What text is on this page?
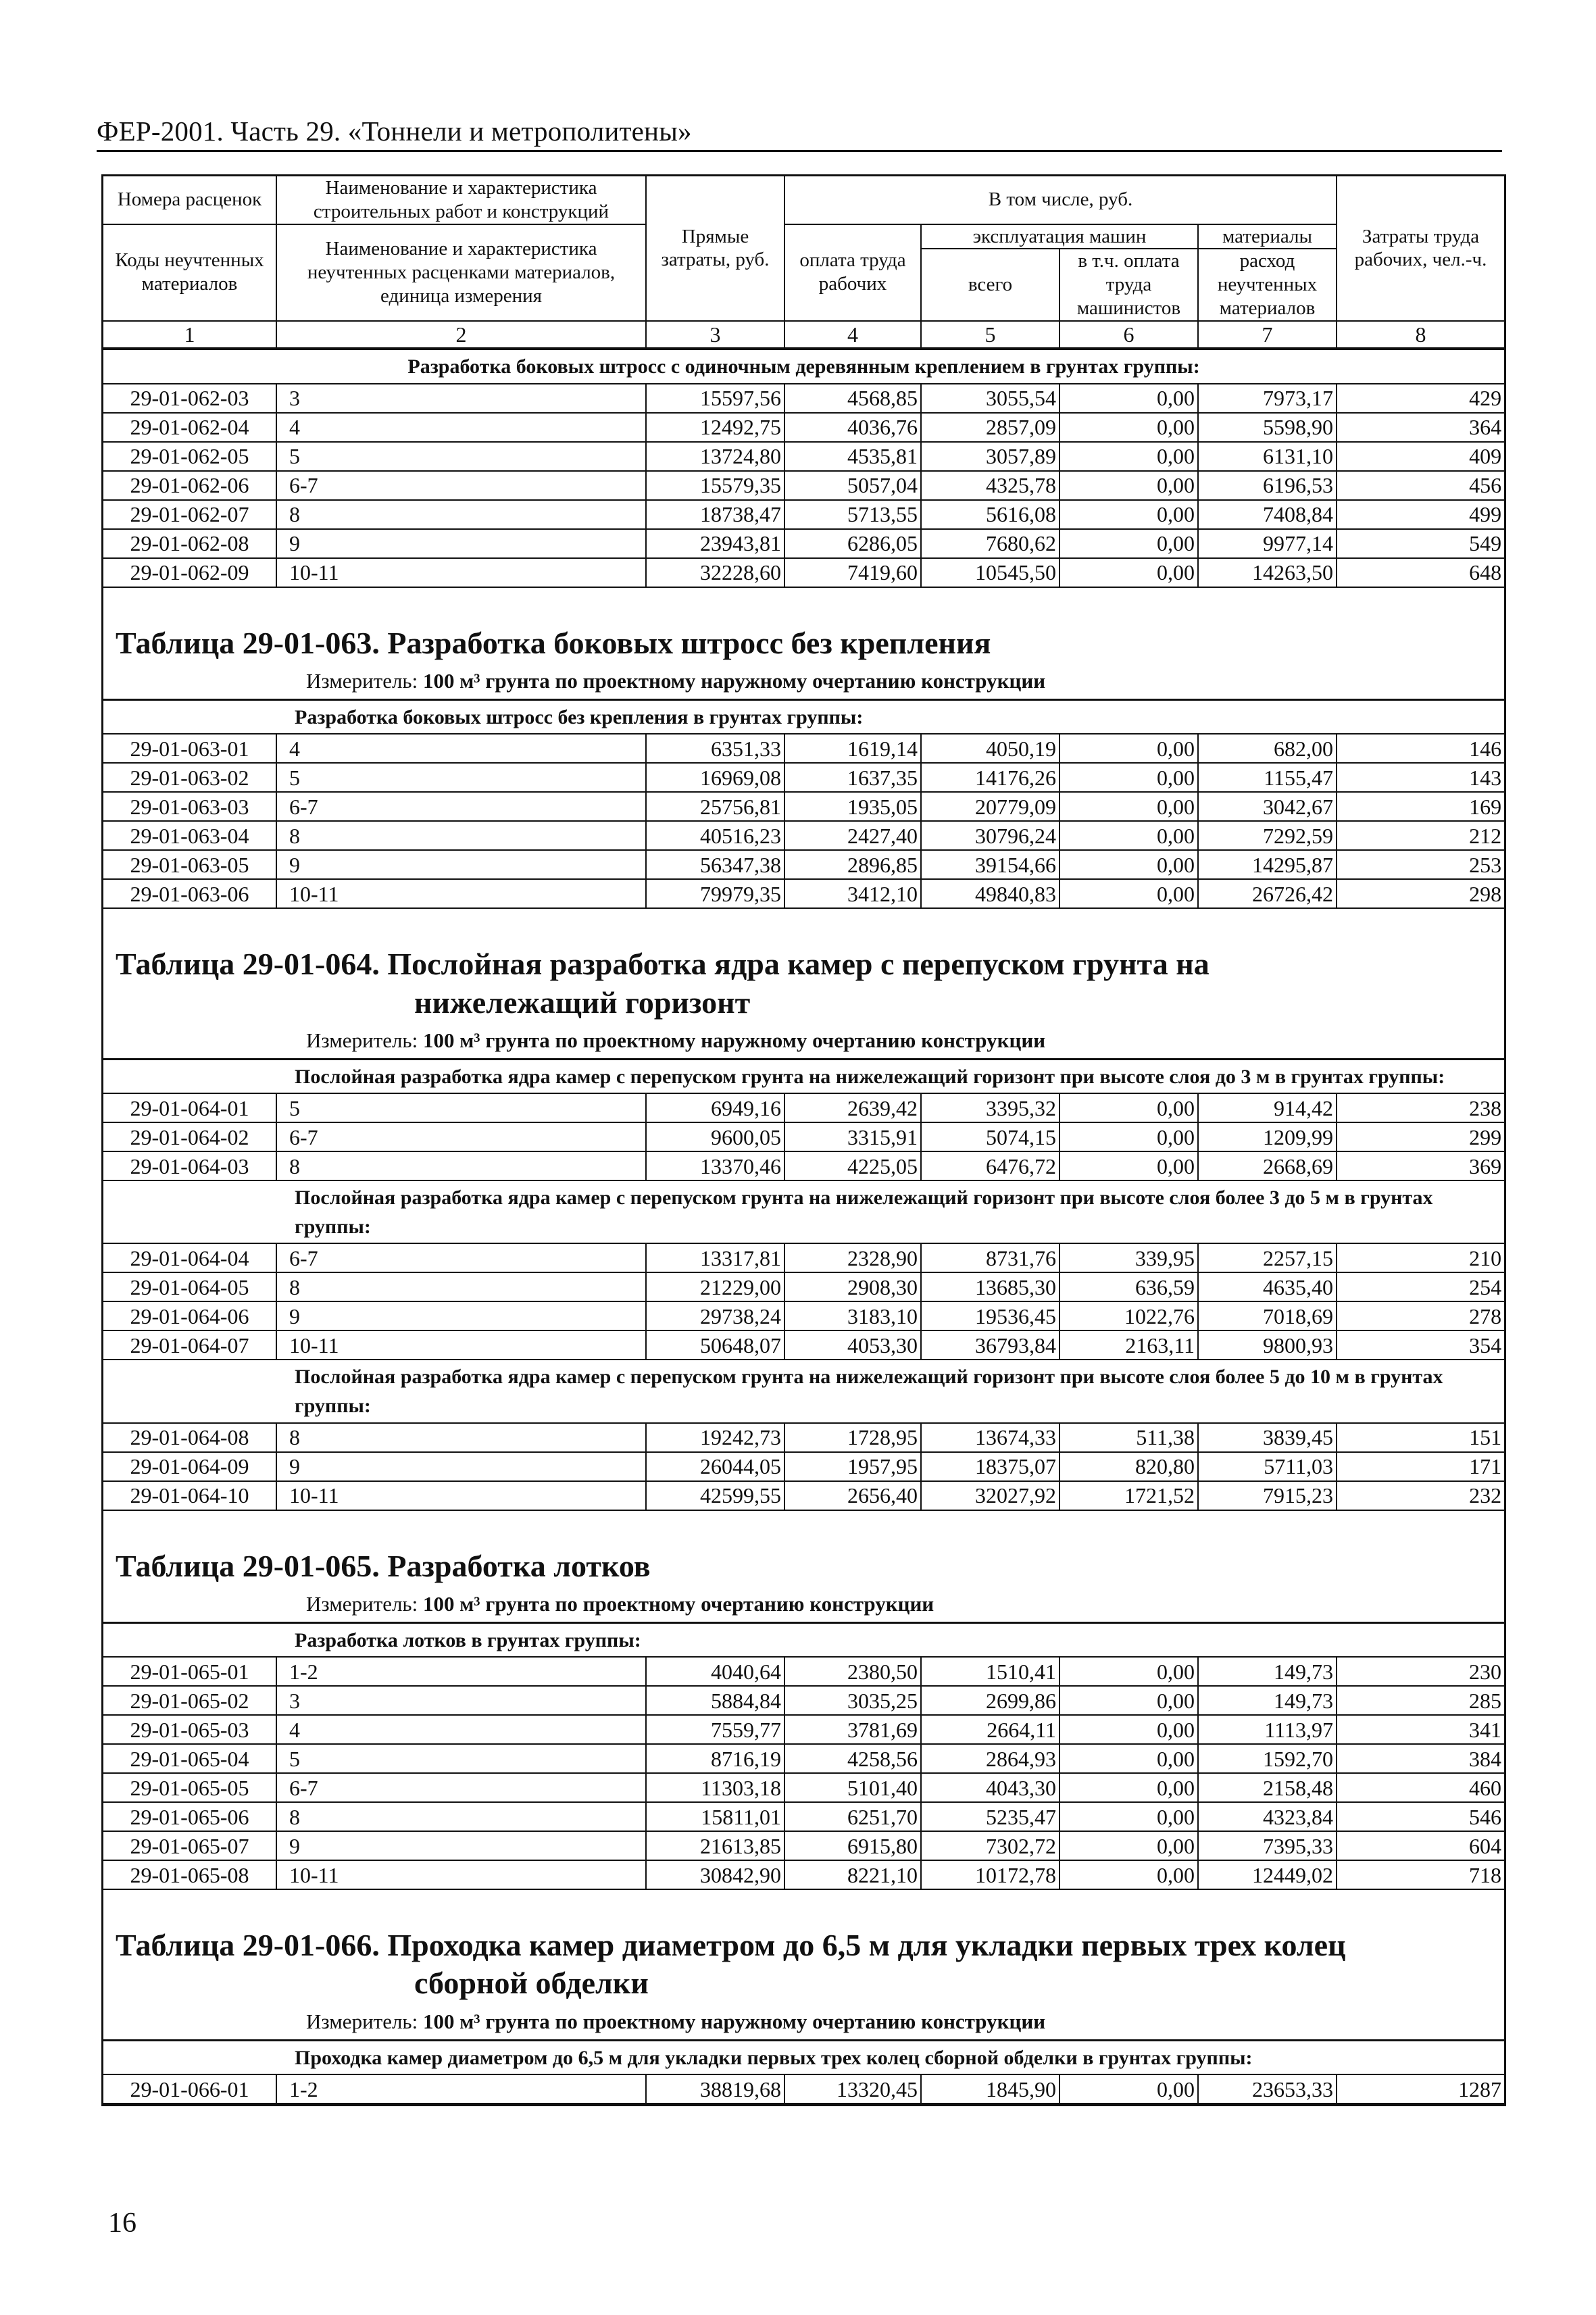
ФЕР-2001. Часть 29. «Тоннели и метрополитены»
Номера расценок	Наименование и характеристика строительных работ и конструкций	Прямые затраты, руб.	В том числе, руб.				Затраты труда рабочих, чел.-ч.
Коды неучтенных материалов	Наименование и характеристика неучтенных расценками материалов, единица измерения		оплата труда рабочих	эксплуатация машин		материалы	
				всего	в т.ч. оплата труда машинистов	расход неучтенных материалов	
1	2	3	4	5	6	7	8
Разработка боковых штросс с одиночным деревянным креплением в грунтах группы:							
29-01-062-03	3	15597,56	4568,85	3055,54	0,00	7973,17	429
29-01-062-04	4	12492,75	4036,76	2857,09	0,00	5598,90	364
29-01-062-05	5	13724,80	4535,81	3057,89	0,00	6131,10	409
29-01-062-06	6-7	15579,35	5057,04	4325,78	0,00	6196,53	456
29-01-062-07	8	18738,47	5713,55	5616,08	0,00	7408,84	499
29-01-062-08	9	23943,81	6286,05	7680,62	0,00	9977,14	549
29-01-062-09	10-11	32228,60	7419,60	10545,50	0,00	14263,50	648
Таблица 29-01-063. Разработка боковых штросс без крепления
Измеритель: 100 м³ грунта по проектному наружному очертанию конструкции
Разработка боковых штросс без крепления в грунтах группы:							
29-01-063-01	4	6351,33	1619,14	4050,19	0,00	682,00	146
29-01-063-02	5	16969,08	1637,35	14176,26	0,00	1155,47	143
29-01-063-03	6-7	25756,81	1935,05	20779,09	0,00	3042,67	169
29-01-063-04	8	40516,23	2427,40	30796,24	0,00	7292,59	212
29-01-063-05	9	56347,38	2896,85	39154,66	0,00	14295,87	253
29-01-063-06	10-11	79979,35	3412,10	49840,83	0,00	26726,42	298
Таблица 29-01-064. Послойная разработка ядра камер с перепуском грунта на
нижележащий горизонт
Измеритель: 100 м³ грунта по проектному наружному очертанию конструкции
Послойная разработка ядра камер с перепуском грунта на нижележащий горизонт при высоте слоя до 3 м в грунтах группы:							
29-01-064-01	5	6949,16	2639,42	3395,32	0,00	914,42	238
29-01-064-02	6-7	9600,05	3315,91	5074,15	0,00	1209,99	299
29-01-064-03	8	13370,46	4225,05	6476,72	0,00	2668,69	369
Послойная разработка ядра камер с перепуском грунта на нижележащий горизонт при высоте слоя более 3 до 5 м в грунтах группы:							
29-01-064-04	6-7	13317,81	2328,90	8731,76	339,95	2257,15	210
29-01-064-05	8	21229,00	2908,30	13685,30	636,59	4635,40	254
29-01-064-06	9	29738,24	3183,10	19536,45	1022,76	7018,69	278
29-01-064-07	10-11	50648,07	4053,30	36793,84	2163,11	9800,93	354
Послойная разработка ядра камер с перепуском грунта на нижележащий горизонт при высоте слоя более 5 до 10 м в грунтах группы:							
29-01-064-08	8	19242,73	1728,95	13674,33	511,38	3839,45	151
29-01-064-09	9	26044,05	1957,95	18375,07	820,80	5711,03	171
29-01-064-10	10-11	42599,55	2656,40	32027,92	1721,52	7915,23	232
Таблица 29-01-065. Разработка лотков
Измеритель: 100 м³ грунта по проектному очертанию конструкции
Разработка лотков в грунтах группы:							
29-01-065-01	1-2	4040,64	2380,50	1510,41	0,00	149,73	230
29-01-065-02	3	5884,84	3035,25	2699,86	0,00	149,73	285
29-01-065-03	4	7559,77	3781,69	2664,11	0,00	1113,97	341
29-01-065-04	5	8716,19	4258,56	2864,93	0,00	1592,70	384
29-01-065-05	6-7	11303,18	5101,40	4043,30	0,00	2158,48	460
29-01-065-06	8	15811,01	6251,70	5235,47	0,00	4323,84	546
29-01-065-07	9	21613,85	6915,80	7302,72	0,00	7395,33	604
29-01-065-08	10-11	30842,90	8221,10	10172,78	0,00	12449,02	718
Таблица 29-01-066. Проходка камер диаметром до 6,5 м для укладки первых трех колец
сборной обделки
Измеритель: 100 м³ грунта по проектному наружному очертанию конструкции
Проходка камер диаметром до 6,5 м для укладки первых трех колец сборной обделки в грунтах группы:
29-01-066-01	1-2	38819,68	13320,45	1845,90	0,00	23653,33	1287
16
